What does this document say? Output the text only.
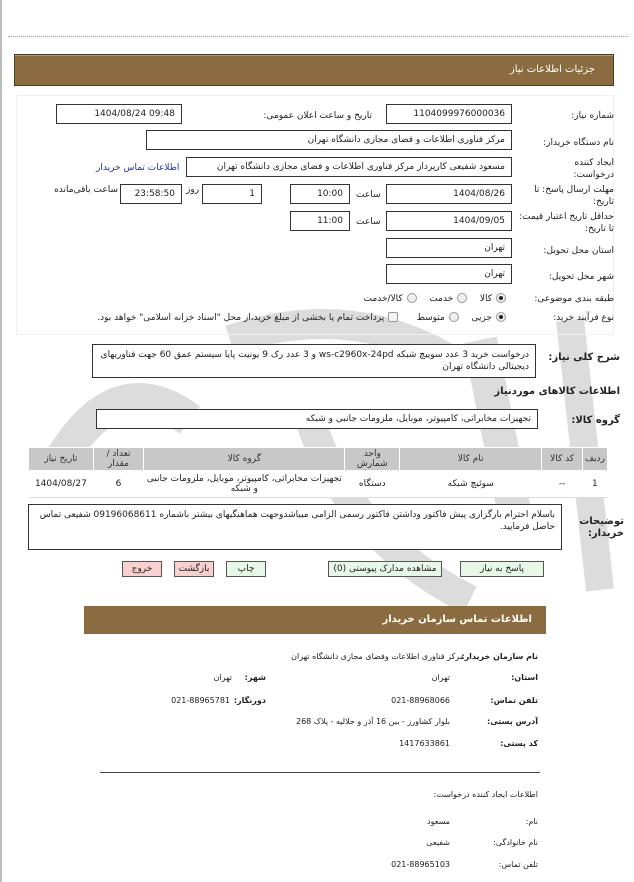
جزئیات اطلاعات نیاز
شماره نیاز:
1104099976000036
تاریخ و ساعت اعلان عمومی:
1404/08/24 09:48
نام دستگاه خریدار:
مرکز فناوری اطلاعات و فضای مجازی دانشگاه تهران
ایجاد کننده درخواست:
مسعود شفیعی کارپرداز مرکز فناوری اطلاعات و فضای مجازی دانشگاه تهران
اطلاعات تماس خریدار
مهلت ارسال پاسخ: تا تاریخ:
1404/08/26
ساعت
10:00
1
روز
23:58:50
ساعت باقی‌مانده
حداقل تاریخ اعتبار قیمت: تا تاریخ:
1404/09/05
ساعت
11:00
استان محل تحویل:
تهران
شهر محل تحویل:
تهران
طبقه بندی موضوعی:
کالا   خدمت   کالا/خدمت
نوع فرآیند خرید:
جزیی   متوسط     پرداخت تمام یا بخشی از مبلغ خرید،از محل "اسناد خزانه اسلامی" خواهد بود.
شرح کلی نیاز:
درخواست خرید 3 عدد سوییچ شبکه ws-c2960x-24pd و 3 عدد رک 9 یونیت پایا سیستم عمق 60 جهت فناوریهای دیجیتالی دانشگاه تهران
اطلاعات کالاهای موردنیاز
گروه کالا:
تجهیزات مخابراتی، کامپیوتر، موبایل، ملزومات جانبی و شبکه
ردیف	کد کالا	نام کالا	واحد شمارش	گروه کالا	تعداد / مقدار	تاریخ نیاز
1	--	سوئیچ شبکه	دستگاه	تجهیزات مخابراتی، کامپیوتر، موبایل، ملزومات جانبی و شبکه	6	1404/08/27
توضیحات خریدار:
باسلام احترام بارگزاری پیش فاکتور وداشتن فاکتور رسمی الزامی میباشدوجهت هماهنگیهای بیشتر باشماره 09196068611 شفیعی تماس حاصل فرمایید.
پاسخ به نیاز
مشاهده مدارک پیوستی (0)
چاپ
بازگشت
خروج
اطلاعات تماس سازمان خریدار
نام سازمان خریدار:
مرکز فناوری اطلاعات وفضای مجازی دانشگاه تهران
استان:
تهران
شهر:
تهران
تلفن تماس:
021-88968066
دورنگار:
021-88965781
آدرس پستی:
بلوار کشاورز - بین 16 آذر و جلالیه - پلاک 268
کد پستی:
1417633861
اطلاعات ایجاد کننده درخواست:
نام:
مسعود
نام خانوادگی:
شفیعی
تلفن تماس:
021-88965103
